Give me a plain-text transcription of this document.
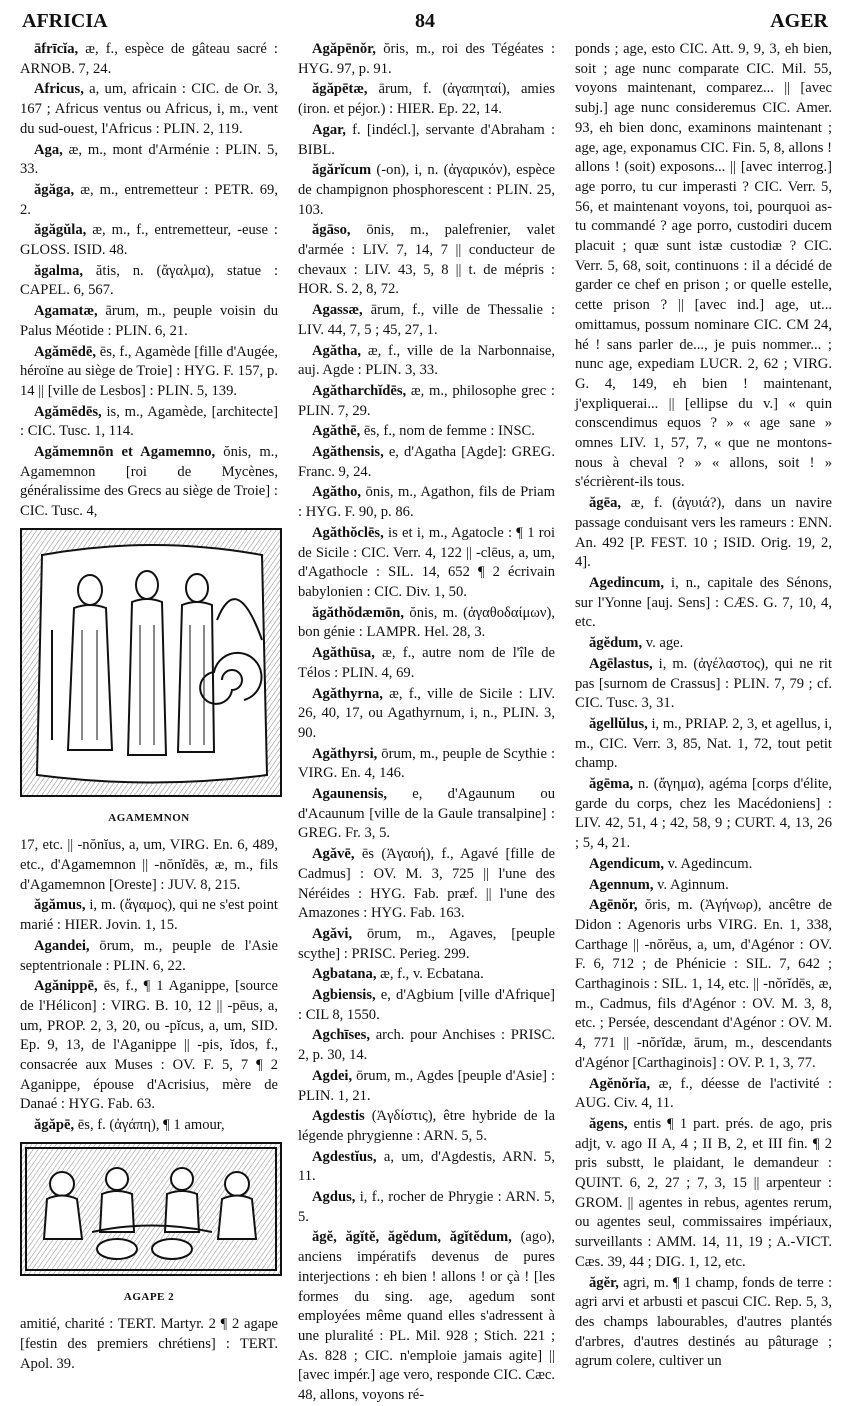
AFRICIA	84	AGER

āfrīcĭa, æ, f., espèce de gâteau sacré : ARNOB. 7, 24.

Africus, a, um, africain : CIC. de Or. 3, 167 ; Africus ventus ou Africus, i, m., vent du sud-ouest, l'Africus : PLIN. 2, 119.

Aga, æ, m., mont d'Arménie : PLIN. 5, 33.

ăgăga, æ, m., entremetteur : PETR. 69, 2.

ăgăgŭla, æ, m., f., entremetteur, -euse : GLOSS. ISID. 48.

ăgalma, ătis, n. (ἄγαλμα), statue : CAPEL. 6, 567.

Agamatæ, ārum, m., peuple voisin du Palus Méotide : PLIN. 6, 21.

Agămēdē, ēs, f., Agamède [fille d'Augée, héroïne au siège de Troie] : HYG. F. 157, p. 14 || [ville de Lesbos] : PLIN. 5, 139.

Agămēdēs, is, m., Agamède, [architecte] : CIC. Tusc. 1, 114.

Agămemnōn et Agamemno, ŏnis, m., Agamemnon [roi de Mycènes, généralissime des Grecs au siège de Troie] : CIC. Tusc. 4,

AGAMEMNON

17, etc. || -nŏnĭus, a, um, VIRG. En. 6, 489, etc., d'Agamemnon || -nŏnĭdēs, æ, m., fils d'Agamemnon [Oreste] : JUV. 8, 215.

ăgămus, i, m. (ἄγαμος), qui ne s'est point marié : HIER. Jovin. 1, 15.

Agandei, ōrum, m., peuple de l'Asie septentrionale : PLIN. 6, 22.

Agănippē, ēs, f., ¶ 1 Aganippe, [source de l'Hélicon] : VIRG. B. 10, 12 || -pēus, a, um, PROP. 2, 3, 20, ou -pĭcus, a, um, SID. Ep. 9, 13, de l'Aganippe || -pis, ĭdos, f., consacrée aux Muses : OV. F. 5, 7 ¶ 2 Aganippe, épouse d'Acrisius, mère de Danaé : HYG. Fab. 63.

ăgăpē, ēs, f. (ἀγάπη), ¶ 1 amour,

AGAPE 2

amitié, charité : TERT. Martyr. 2 ¶ 2 agape [festin des premiers chrétiens] : TERT. Apol. 39.

Agăpēnŏr, ŏris, m., roi des Tégéates : HYG. 97, p. 91.

ăgăpētæ, ārum, f. (ἀγαπηταί), amies (iron. et péjor.) : HIER. Ep. 22, 14.

Agar, f. [indécl.], servante d'Abraham : BIBL.

ăgărĭcum (-on), i, n. (ἀγαρικόν), espèce de champignon phosphorescent : PLIN. 25, 103.

ăgāso, ōnis, m., palefrenier, valet d'armée : LIV. 7, 14, 7 || conducteur de chevaux : LIV. 43, 5, 8 || t. de mépris : HOR. S. 2, 8, 72.

Agassæ, ārum, f., ville de Thessalie : LIV. 44, 7, 5 ; 45, 27, 1.

Agătha, æ, f., ville de la Narbonnaise, auj. Agde : PLIN. 3, 33.

Agătharchĭdēs, æ, m., philosophe grec : PLIN. 7, 29.

Agăthē, ēs, f., nom de femme : INSC.

Agăthensis, e, d'Agatha [Agde]: GREG. Franc. 9, 24.

Agătho, ōnis, m., Agathon, fils de Priam : HYG. F. 90, p. 86.

Agăthŏclēs, is et i, m., Agatocle : ¶ 1 roi de Sicile : CIC. Verr. 4, 122 || -clēus, a, um, d'Agathocle : SIL. 14, 652 ¶ 2 écrivain babylonien : CIC. Div. 1, 50.

ăgăthŏdæmōn, ŏnis, m. (ἀγαθοδαίμων), bon génie : LAMPR. Hel. 28, 3.

Agăthūsa, æ, f., autre nom de l'île de Télos : PLIN. 4, 69.

Agăthyrna, æ, f., ville de Sicile : LIV. 26, 40, 17, ou Agathyrnum, i, n., PLIN. 3, 90.

Agăthyrsi, ōrum, m., peuple de Scythie : VIRG. En. 4, 146.

Agaunensis, e, d'Agaunum ou d'Acaunum [ville de la Gaule transalpine] : GREG. Fr. 3, 5.

Agăvē, ēs (Ἀγαυή), f., Agavé [fille de Cadmus] : OV. M. 3, 725 || l'une des Néréides : HYG. Fab. præf. || l'une des Amazones : HYG. Fab. 163.

Agăvi, ōrum, m., Agaves, [peuple scythe] : PRISC. Perieg. 299.

Agbatana, æ, f., v. Ecbatana.

Agbiensis, e, d'Agbium [ville d'Afrique] : CIL 8, 1550.

Agchīses, arch. pour Anchises : PRISC. 2, p. 30, 14.

Agdei, ōrum, m., Agdes [peuple d'Asie] : PLIN. 1, 21.

Agdestis (Ἀγδίστις), être hybride de la légende phrygienne : ARN. 5, 5.

Agdestĭus, a, um, d'Agdestis, ARN. 5, 11.

Agdus, i, f., rocher de Phrygie : ARN. 5, 5.

ăgĕ, ăgĭtĕ, ăgĕdum, ăgĭtĕdum, (ago), anciens impératifs devenus de pures interjections : eh bien ! allons ! or çà ! [les formes du sing. age, agedum sont employées même quand elles s'adressent à une pluralité : PL. Mil. 928 ; Stich. 221 ; As. 828 ; CIC. n'emploie jamais agite] || [avec impér.] age vero, responde CIC. Cæc. 48, allons, voyons ré-

ponds ; age, esto CIC. Att. 9, 9, 3, eh bien, soit ; age nunc comparate CIC. Mil. 55, voyons maintenant, comparez... || [avec subj.] age nunc consideremus CIC. Amer. 93, eh bien donc, examinons maintenant ; age, age, exponamus CIC. Fin. 5, 8, allons ! allons ! (soit) exposons... || [avec interrog.] age porro, tu cur imperasti ? CIC. Verr. 5, 56, et maintenant voyons, toi, pourquoi as-tu commandé ? age porro, custodiri ducem placuit ; quæ sunt istæ custodiæ ? CIC. Verr. 5, 68, soit, continuons : il a décidé de garder ce chef en prison ; or quelle estelle, cette prison ? || [avec ind.] age, ut... omittamus, possum nominare CIC. CM 24, hé ! sans parler de..., je puis nommer... ; nunc age, expediam LUCR. 2, 62 ; VIRG. G. 4, 149, eh bien ! maintenant, j'expliquerai... || [ellipse du v.] « quin conscendimus equos ? » « age sane » omnes LIV. 1, 57, 7, « que ne montons-nous à cheval ? » « allons, soit ! » s'écrièrent-ils tous.

ăgēa, æ, f. (ἀγυιά?), dans un navire passage conduisant vers les rameurs : ENN. An. 492 [P. FEST. 10 ; ISID. Orig. 19, 2, 4].

Agedincum, i, n., capitale des Sénons, sur l'Yonne [auj. Sens] : CÆS. G. 7, 10, 4, etc.

ăgĕdum, v. age.

Agēlastus, i, m. (ἀγέλαστος), qui ne rit pas [surnom de Crassus] : PLIN. 7, 79 ; cf. CIC. Tusc. 3, 31.

ăgellŭlus, i, m., PRIAP. 2, 3, et agellus, i, m., CIC. Verr. 3, 85, Nat. 1, 72, tout petit champ.

ăgēma, n. (ἄγημα), agéma [corps d'élite, garde du corps, chez les Macédoniens] : LIV. 42, 51, 4 ; 42, 58, 9 ; CURT. 4, 13, 26 ; 5, 4, 21.

Agendicum, v. Agedincum.

Agennum, v. Aginnum.

Agēnŏr, ŏris, m. (Ἀγήνωρ), ancêtre de Didon : Agenoris urbs VIRG. En. 1, 338, Carthage || -nŏrĕus, a, um, d'Agénor : OV. F. 6, 712 ; de Phénicie : SIL. 7, 642 ; Carthaginois : SIL. 1, 14, etc. || -nŏrĭdēs, æ, m., Cadmus, fils d'Agénor : OV. M. 3, 8, etc. ; Persée, descendant d'Agénor : OV. M. 4, 771 || -nŏrĭdæ, ārum, m., descendants d'Agénor [Carthaginois] : OV. P. 1, 3, 77.

Agĕnŏrĭa, æ, f., déesse de l'activité : AUG. Civ. 4, 11.

ăgens, entis ¶ 1 part. prés. de ago, pris adjt, v. ago II A, 4 ; II B, 2, et III fin. ¶ 2 pris substt, le plaidant, le demandeur : QUINT. 6, 2, 27 ; 7, 3, 15 || arpenteur : GROM. || agentes in rebus, agentes rerum, ou agentes seul, commissaires impériaux, surveillants : AMM. 14, 11, 19 ; A.-VICT. Cæs. 39, 44 ; DIG. 1, 12, etc.

ăgĕr, agri, m. ¶ 1 champ, fonds de terre : agri arvi et arbusti et pascui CIC. Rep. 5, 3, des champs labourables, d'autres plantés d'arbres, d'autres destinés au pâturage ; agrum colere, cultiver un
